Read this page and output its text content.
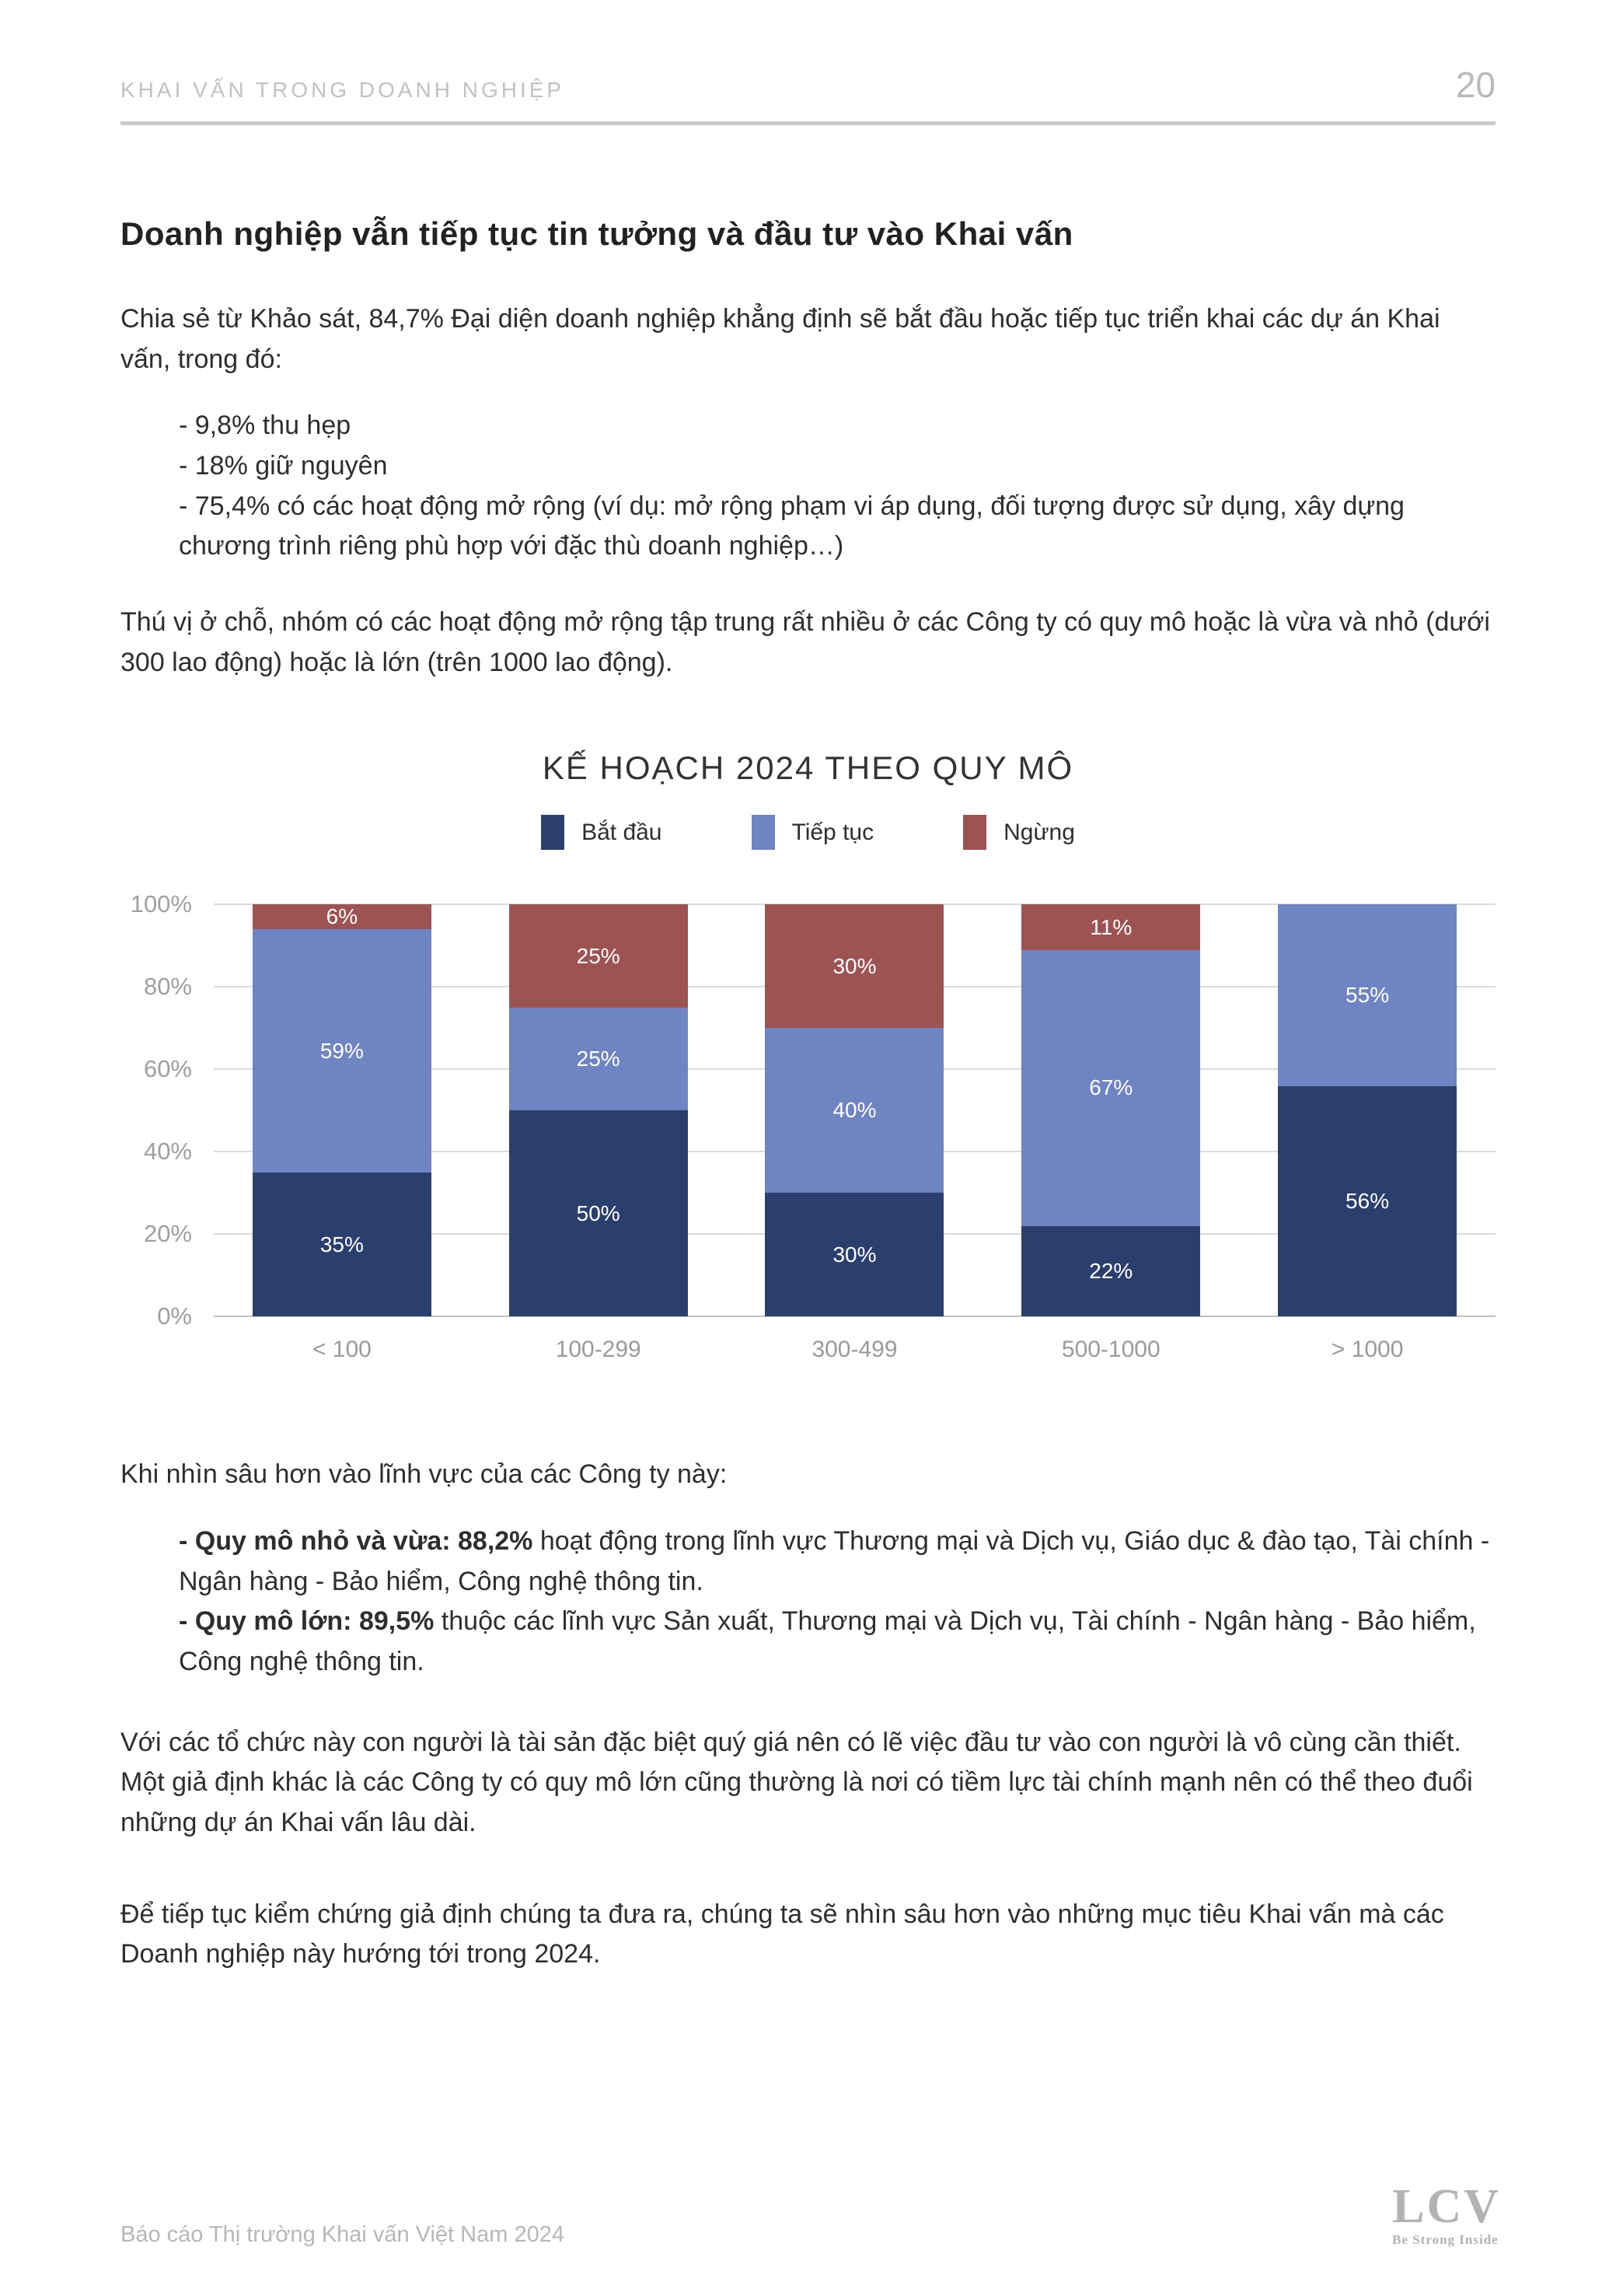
KHAI VẤN TRONG DOANH NGHIỆP	20
Doanh nghiệp vẫn tiếp tục tin tưởng và đầu tư vào Khai vấn

Chia sẻ từ Khảo sát, 84,7% Đại diện doanh nghiệp khẳng định sẽ bắt đầu hoặc tiếp tục triển khai các dự án Khai vấn, trong đó:

- 9,8% thu hẹp

- 18% giữ nguyên

- 75,4% có các hoạt động mở rộng (ví dụ: mở rộng phạm vi áp dụng, đối tượng được sử dụng, xây dựng chương trình riêng phù hợp với đặc thù doanh nghiệp…)

Thú vị ở chỗ, nhóm có các hoạt động mở rộng tập trung rất nhiều ở các Công ty có quy mô hoặc là vừa và nhỏ (dưới 300 lao động) hoặc là lớn (trên 1000 lao động).

KẾ HOẠCH 2024 THEO QUY MÔ
Bắt đầu	Tiếp tục	Ngừng
0%
20%
40%
60%
80%
100%
35%
59%
6%
50%
25%
25%
30%
40%
30%
22%
67%
11%
56%
55%
< 100	100-299	300-499	500-1000	> 1000

Khi nhìn sâu hơn vào lĩnh vực của các Công ty này:

- Quy mô nhỏ và vừa: 88,2% hoạt động trong lĩnh vực Thương mại và Dịch vụ, Giáo dục & đào tạo, Tài chính - Ngân hàng - Bảo hiểm, Công nghệ thông tin.

- Quy mô lớn: 89,5% thuộc các lĩnh vực Sản xuất, Thương mại và Dịch vụ, Tài chính - Ngân hàng - Bảo hiểm, Công nghệ thông tin.

Với các tổ chức này con người là tài sản đặc biệt quý giá nên có lẽ việc đầu tư vào con người là vô cùng cần thiết. Một giả định khác là các Công ty có quy mô lớn cũng thường là nơi có tiềm lực tài chính mạnh nên có thể theo đuổi những dự án Khai vấn lâu dài.

Để tiếp tục kiểm chứng giả định chúng ta đưa ra, chúng ta sẽ nhìn sâu hơn vào những mục tiêu Khai vấn mà các Doanh nghiệp này hướng tới trong 2024.

Báo cáo Thị trường Khai vấn Việt Nam 2024
LCV
Be Strong Inside
